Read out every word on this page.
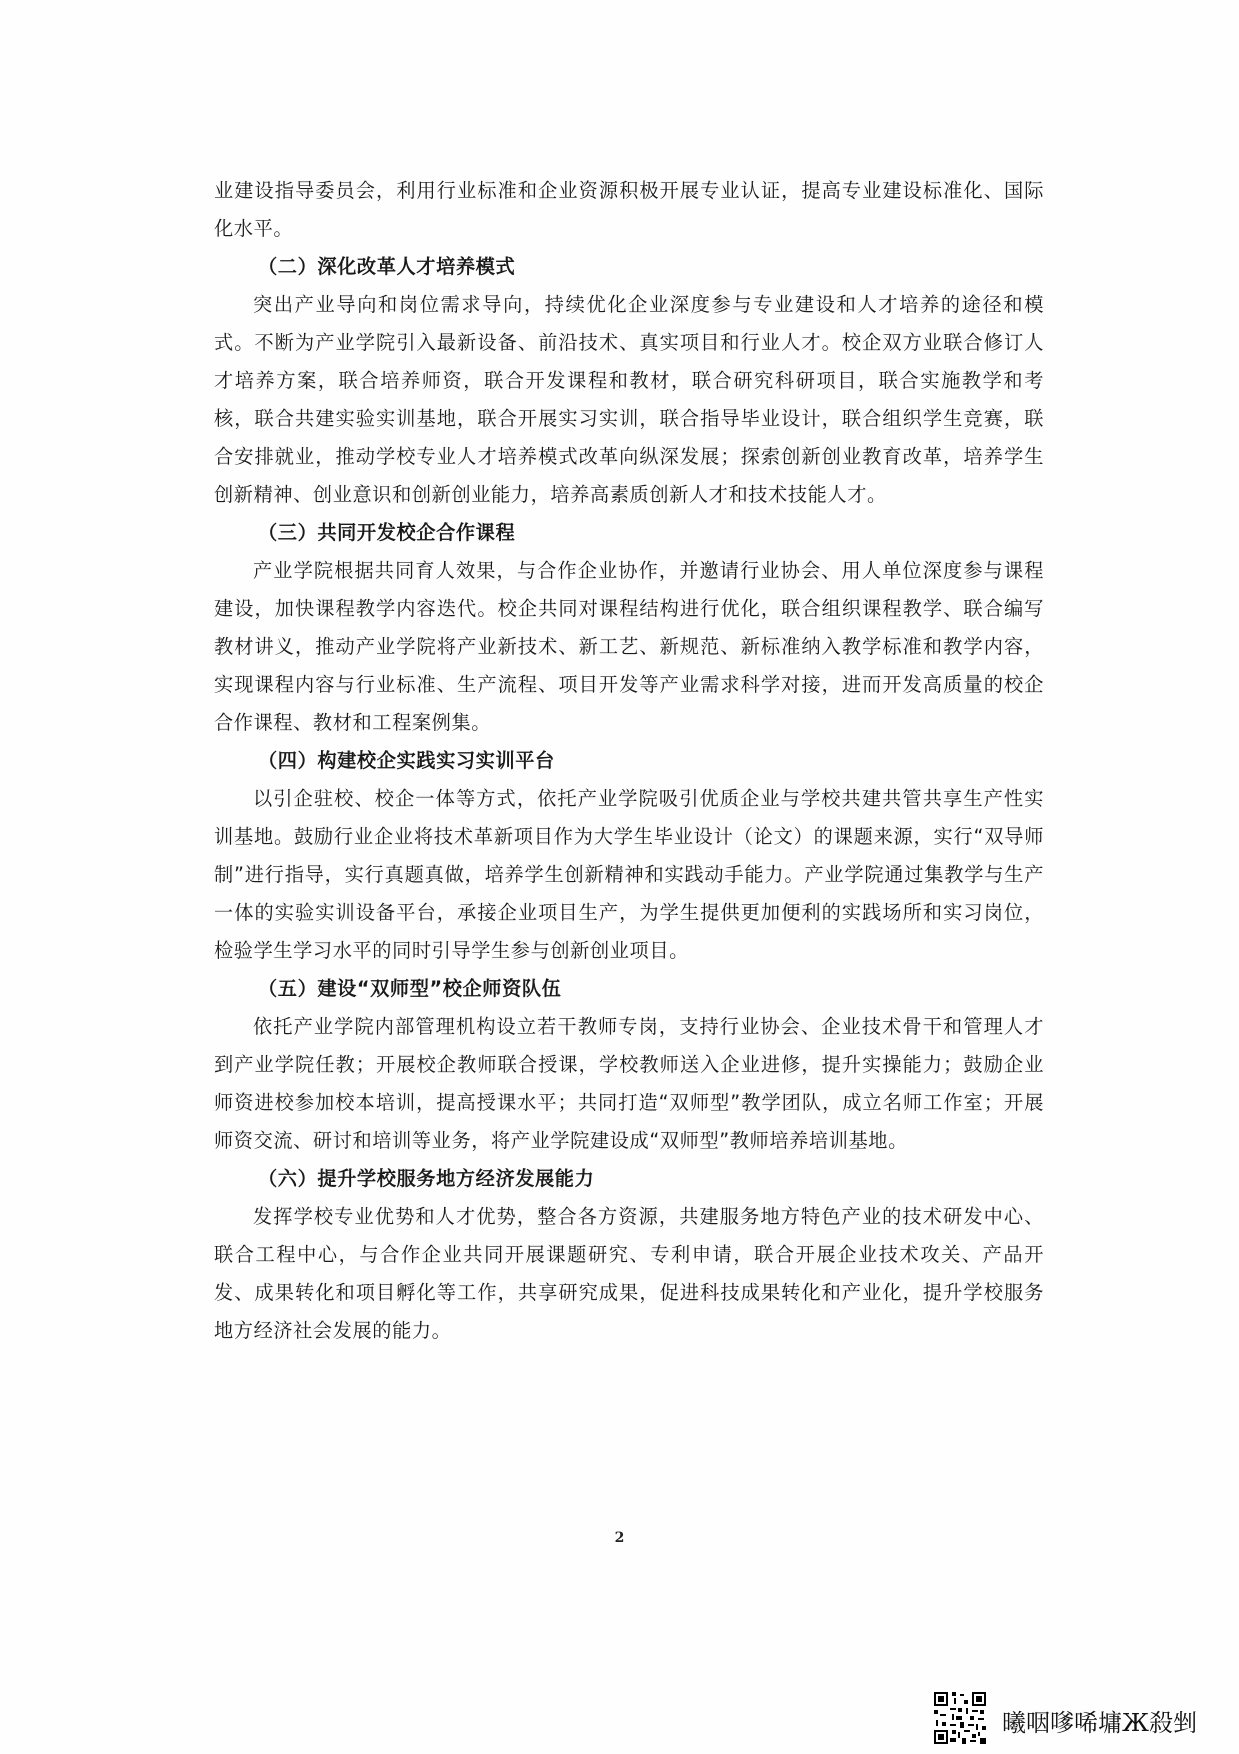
业建设指导委员会，利用行业标准和企业资源积极开展专业认证，提高专业建设标准化、国际化水平。

（二）深化改革人才培养模式

突出产业导向和岗位需求导向，持续优化企业深度参与专业建设和人才培养的途径和模式。不断为产业学院引入最新设备、前沿技术、真实项目和行业人才。校企双方业联合修订人才培养方案，联合培养师资，联合开发课程和教材，联合研究科研项目，联合实施教学和考核，联合共建实验实训基地，联合开展实习实训，联合指导毕业设计，联合组织学生竞赛，联合安排就业，推动学校专业人才培养模式改革向纵深发展；探索创新创业教育改革，培养学生创新精神、创业意识和创新创业能力，培养高素质创新人才和技术技能人才。

（三）共同开发校企合作课程

产业学院根据共同育人效果，与合作企业协作，并邀请行业协会、用人单位深度参与课程建设，加快课程教学内容迭代。校企共同对课程结构进行优化，联合组织课程教学、联合编写教材讲义，推动产业学院将产业新技术、新工艺、新规范、新标准纳入教学标准和教学内容，实现课程内容与行业标准、生产流程、项目开发等产业需求科学对接，进而开发高质量的校企合作课程、教材和工程案例集。

（四）构建校企实践实习实训平台

以引企驻校、校企一体等方式，依托产业学院吸引优质企业与学校共建共管共享生产性实训基地。鼓励行业企业将技术革新项目作为大学生毕业设计（论文）的课题来源，实行“双导师制”进行指导，实行真题真做，培养学生创新精神和实践动手能力。产业学院通过集教学与生产一体的实验实训设备平台，承接企业项目生产，为学生提供更加便利的实践场所和实习岗位，检验学生学习水平的同时引导学生参与创新创业项目。

（五）建设“双师型”校企师资队伍

依托产业学院内部管理机构设立若干教师专岗，支持行业协会、企业技术骨干和管理人才到产业学院任教；开展校企教师联合授课，学校教师送入企业进修，提升实操能力；鼓励企业师资进校参加校本培训，提高授课水平；共同打造“双师型”教学团队，成立名师工作室；开展师资交流、研讨和培训等业务，将产业学院建设成“双师型”教师培养培训基地。

（六）提升学校服务地方经济发展能力

发挥学校专业优势和人才优势，整合各方资源，共建服务地方特色产业的技术研发中心、联合工程中心，与合作企业共同开展课题研究、专利申请，联合开展企业技术攻关、产品开发、成果转化和项目孵化等工作，共享研究成果，促进科技成果转化和产业化，提升学校服务地方经济社会发展的能力。

2
曦咽嗲唏墉Ж殺剉
